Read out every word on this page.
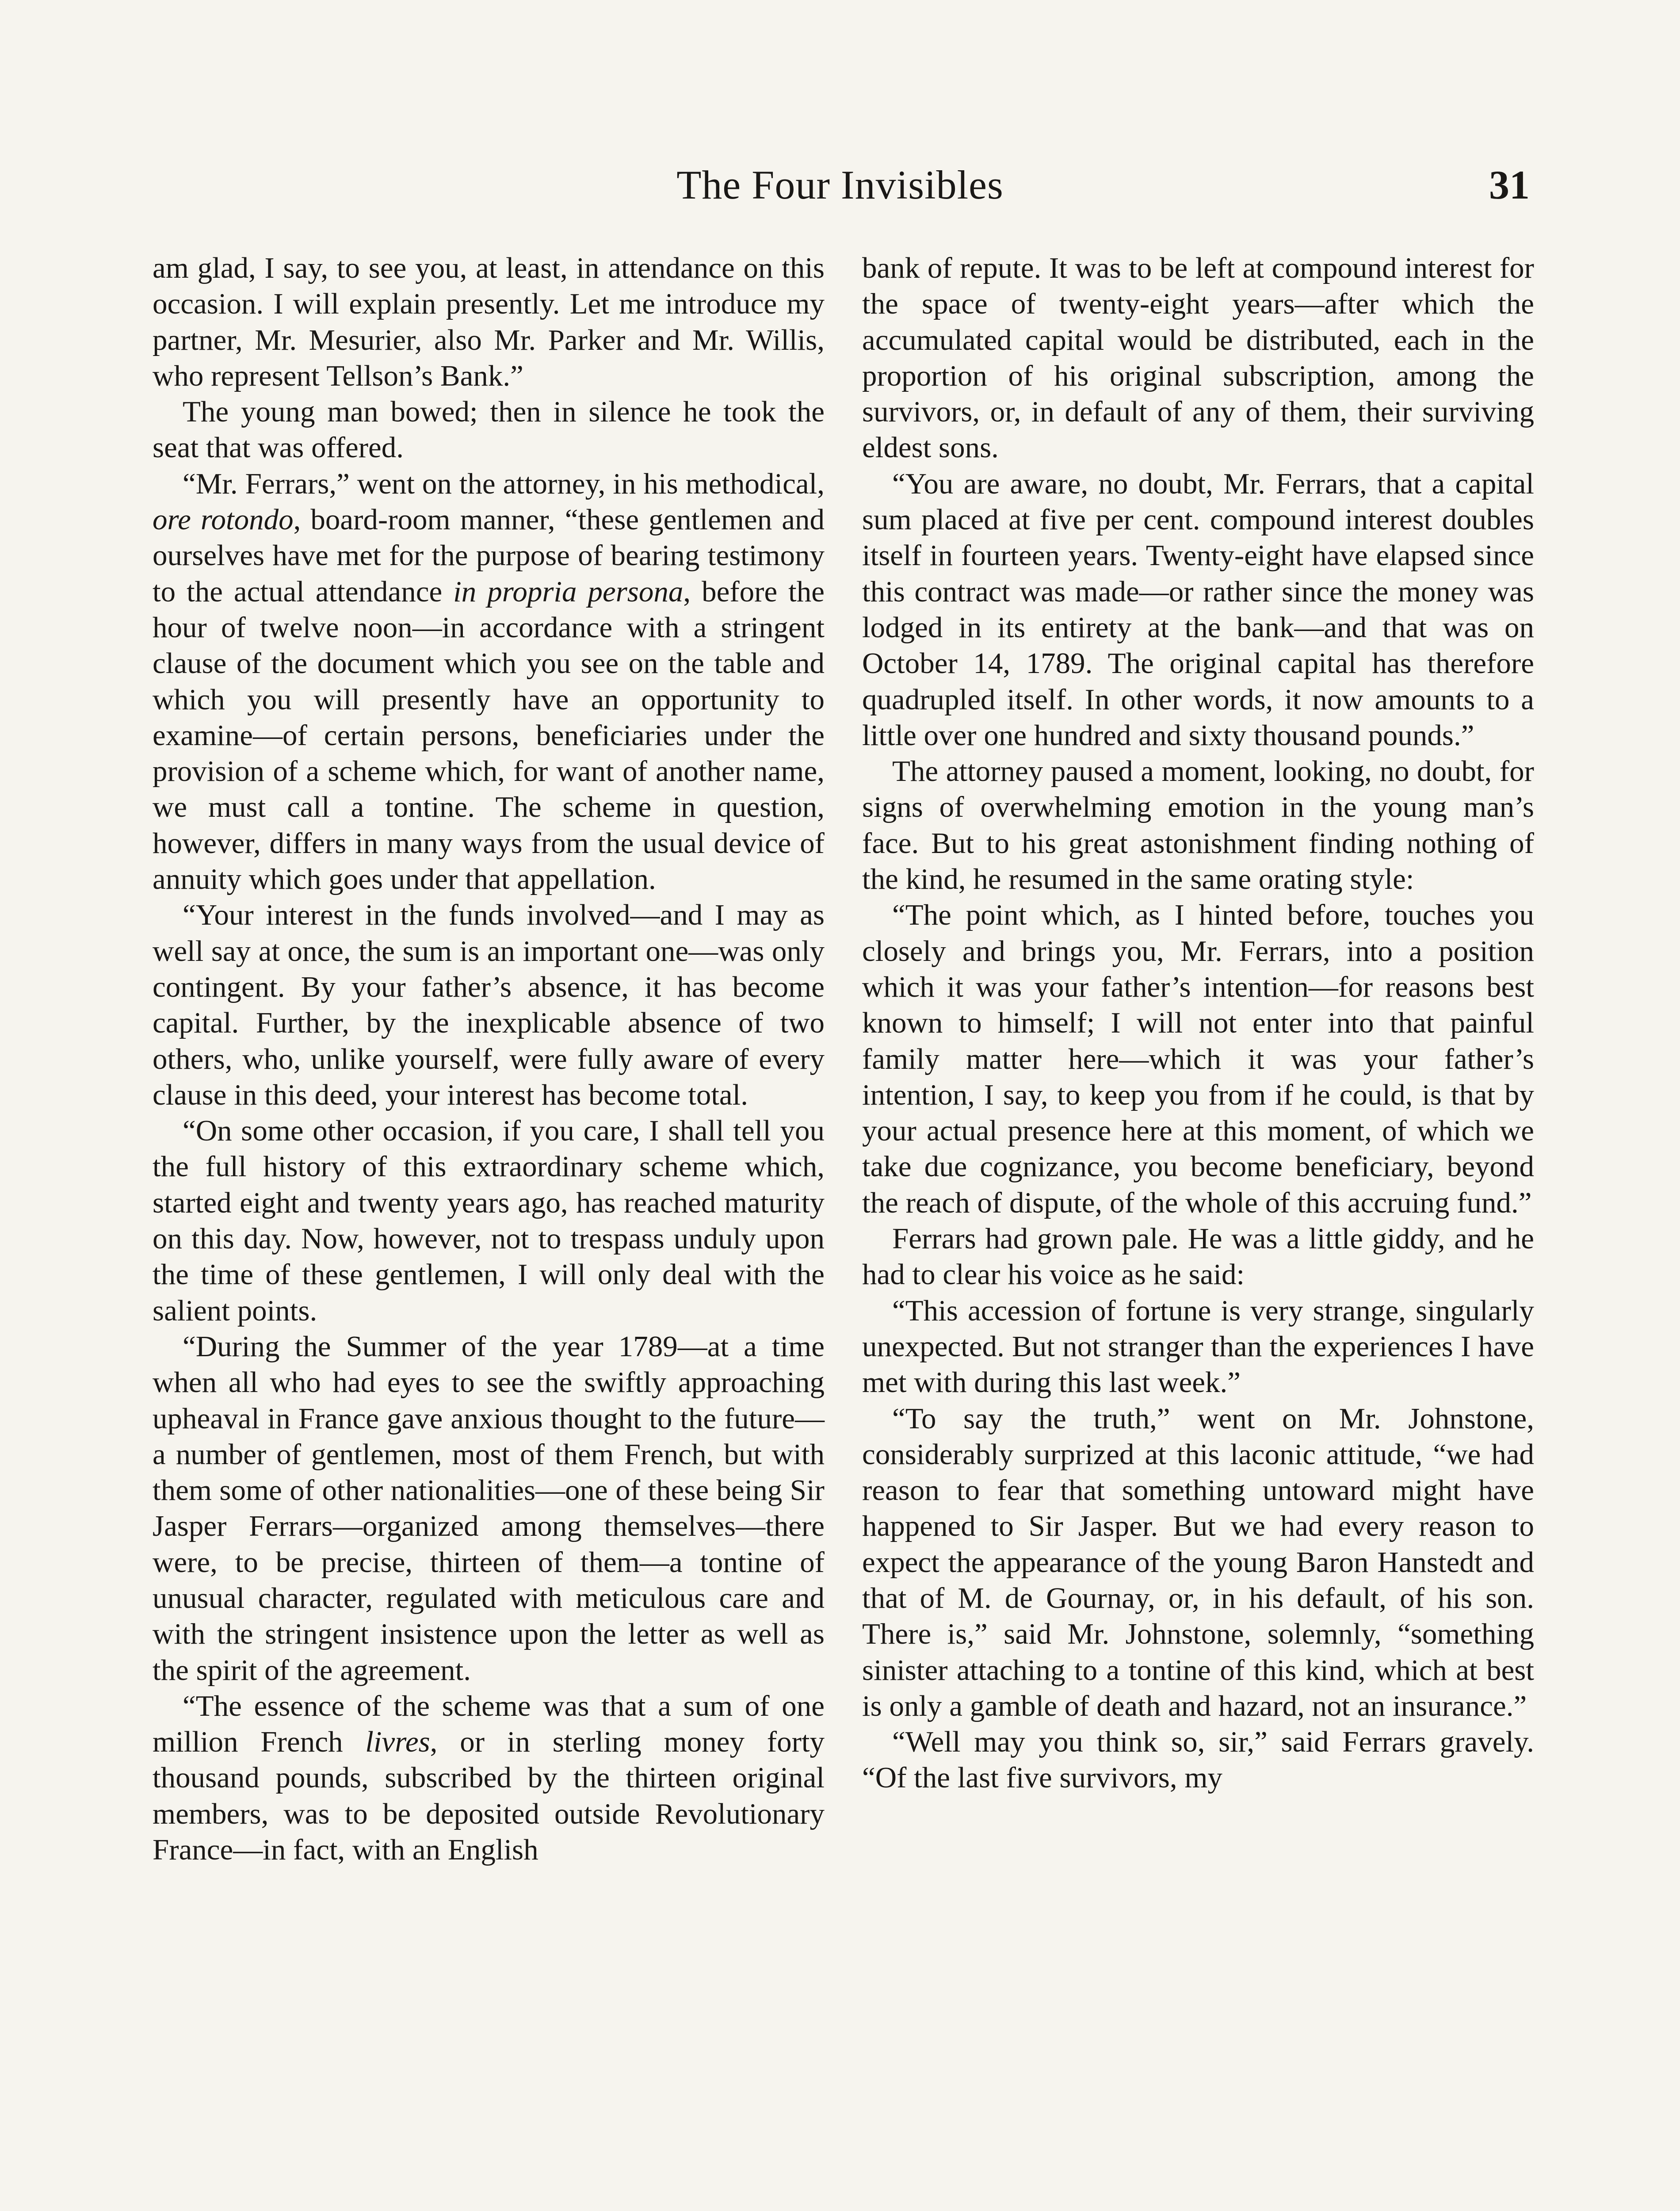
The Four Invisibles	31

am glad, I say, to see you, at least, in attendance on this occasion. I will explain presently. Let me introduce my partner, Mr. Mesurier, also Mr. Parker and Mr. Willis, who represent Tellson’s Bank.”

The young man bowed; then in silence he took the seat that was offered.

“Mr. Ferrars,” went on the attorney, in his methodical, ore rotondo, board-room manner, “these gentlemen and ourselves have met for the purpose of bearing testimony to the actual attendance in propria persona, before the hour of twelve noon—in accordance with a stringent clause of the document which you see on the table and which you will presently have an opportunity to examine—of certain persons, beneficiaries under the provision of a scheme which, for want of another name, we must call a tontine. The scheme in question, however, differs in many ways from the usual device of annuity which goes under that appellation.

“Your interest in the funds involved—and I may as well say at once, the sum is an important one—was only contingent. By your father’s absence, it has become capital. Further, by the inexplicable absence of two others, who, unlike yourself, were fully aware of every clause in this deed, your interest has become total.

“On some other occasion, if you care, I shall tell you the full history of this extraordinary scheme which, started eight and twenty years ago, has reached maturity on this day. Now, however, not to trespass unduly upon the time of these gentlemen, I will only deal with the salient points.

“During the Summer of the year 1789—at a time when all who had eyes to see the swiftly approaching upheaval in France gave anxious thought to the future—a number of gentlemen, most of them French, but with them some of other nationalities—one of these being Sir Jasper Ferrars—organized among themselves—there were, to be precise, thirteen of them—a tontine of unusual character, regulated with meticulous care and with the stringent insistence upon the letter as well as the spirit of the agreement.

“The essence of the scheme was that a sum of one million French livres, or in sterling money forty thousand pounds, subscribed by the thirteen original members, was to be deposited outside Revolutionary France—in fact, with an English

bank of repute. It was to be left at compound interest for the space of twenty-eight years—after which the accumulated capital would be distributed, each in the proportion of his original subscription, among the survivors, or, in default of any of them, their surviving eldest sons.

“You are aware, no doubt, Mr. Ferrars, that a capital sum placed at five per cent. compound interest doubles itself in fourteen years. Twenty-eight have elapsed since this contract was made—or rather since the money was lodged in its entirety at the bank—and that was on October 14, 1789. The original capital has therefore quadrupled itself. In other words, it now amounts to a little over one hundred and sixty thousand pounds.”

The attorney paused a moment, looking, no doubt, for signs of overwhelming emotion in the young man’s face. But to his great astonishment finding nothing of the kind, he resumed in the same orating style:

“The point which, as I hinted before, touches you closely and brings you, Mr. Ferrars, into a position which it was your father’s intention—for reasons best known to himself; I will not enter into that painful family matter here—which it was your father’s intention, I say, to keep you from if he could, is that by your actual presence here at this moment, of which we take due cognizance, you become beneficiary, beyond the reach of dispute, of the whole of this accruing fund.”

Ferrars had grown pale. He was a little giddy, and he had to clear his voice as he said:

“This accession of fortune is very strange, singularly unexpected. But not stranger than the experiences I have met with during this last week.”

“To say the truth,” went on Mr. Johnstone, considerably surprized at this laconic attitude, “we had reason to fear that something untoward might have happened to Sir Jasper. But we had every reason to expect the appearance of the young Baron Hanstedt and that of M. de Gournay, or, in his default, of his son. There is,” said Mr. Johnstone, solemnly, “something sinister attaching to a tontine of this kind, which at best is only a gamble of death and hazard, not an insurance.”

“Well may you think so, sir,” said Ferrars gravely. “Of the last five survivors, my
